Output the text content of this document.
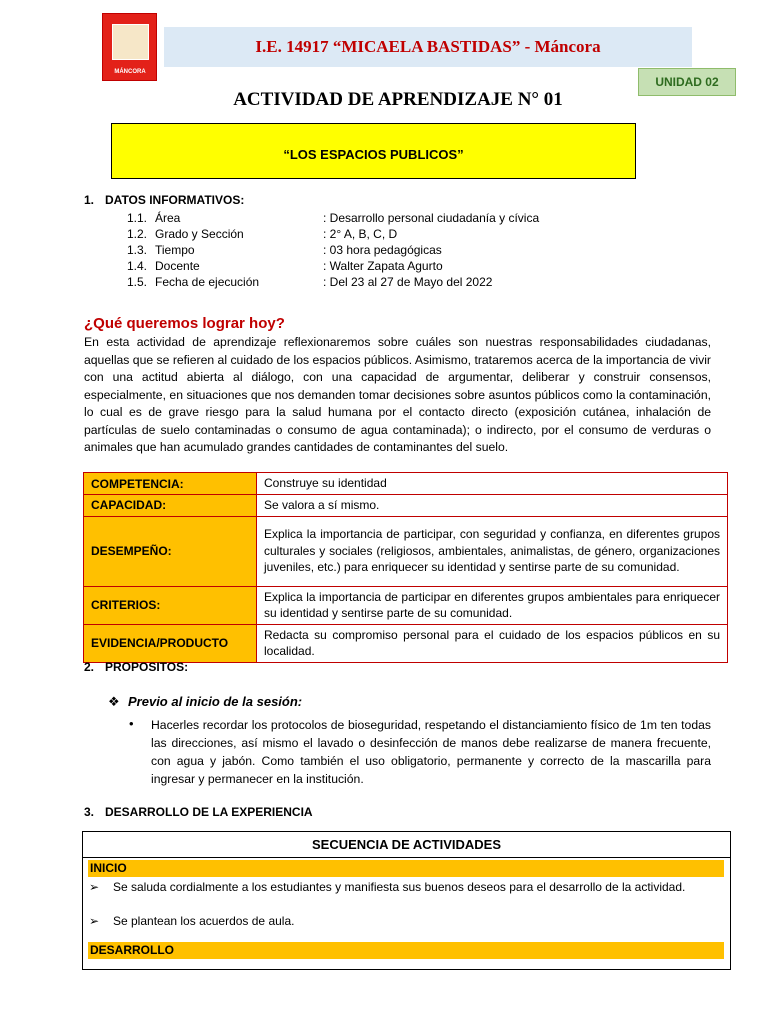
MÁNCORA
I.E. 14917 “MICAELA BASTIDAS” - Máncora
UNIDAD 02
ACTIVIDAD DE APRENDIZAJE N° 01
“LOS ESPACIOS PUBLICOS”
1. DATOS INFORMATIVOS:
1.1. Área	: Desarrollo personal ciudadanía y cívica
1.2. Grado y Sección	: 2° A, B, C, D
1.3. Tiempo	: 03 hora pedagógicas
1.4. Docente	: Walter Zapata Agurto
1.5. Fecha de ejecución	: Del 23 al 27 de Mayo del 2022
¿Qué queremos lograr hoy?
En esta actividad de aprendizaje reflexionaremos sobre cuáles son nuestras responsabilidades ciudadanas, aquellas que se refieren al cuidado de los espacios públicos. Asimismo, trataremos acerca de la importancia de vivir con una actitud abierta al diálogo, con una capacidad de argumentar, deliberar y construir consensos, especialmente, en situaciones que nos demanden tomar decisiones sobre asuntos públicos como la contaminación, lo cual es de grave riesgo para la salud humana por el contacto directo (exposición cutánea, inhalación de partículas de suelo contaminadas o consumo de agua contaminada); o indirecto, por el consumo de verduras o animales que han acumulado grandes cantidades de contaminantes del suelo.
COMPETENCIA:	Construye su identidad
CAPACIDAD:	Se valora a sí mismo.
DESEMPEÑO:	Explica la importancia de participar, con seguridad y confianza, en diferentes grupos culturales y sociales (religiosos, ambientales, animalistas, de género, organizaciones juveniles, etc.) para enriquecer su identidad y sentirse parte de su comunidad.
CRITERIOS:	Explica la importancia de participar en diferentes grupos ambientales para enriquecer su identidad y sentirse parte de su comunidad.
EVIDENCIA/PRODUCTO	Redacta su compromiso personal para el cuidado de los espacios públicos en su localidad.
2. PROPOSITOS:
❖ Previo al inicio de la sesión:
• Hacerles recordar los protocolos de bioseguridad, respetando el distanciamiento físico de 1m ten todas las direcciones, así mismo el lavado o desinfección de manos debe realizarse de manera frecuente, con agua y jabón. Como también el uso obligatorio, permanente y correcto de la mascarilla para ingresar y permanecer en la institución.
3. DESARROLLO DE LA EXPERIENCIA
SECUENCIA DE ACTIVIDADES
INICIO
➢ Se saluda cordialmente a los estudiantes y manifiesta sus buenos deseos para el desarrollo de la actividad.
➢ Se plantean los acuerdos de aula.
DESARROLLO
